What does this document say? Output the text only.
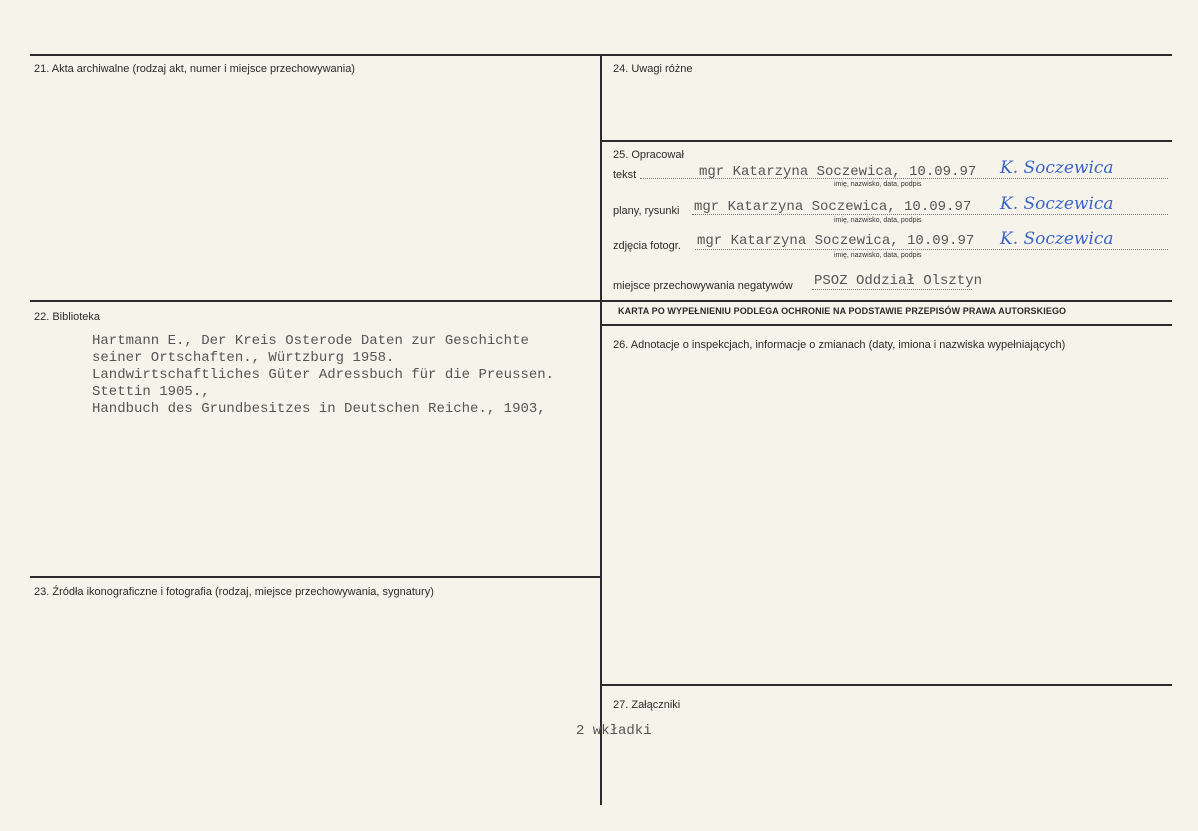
21. Akta archiwalne (rodzaj akt, numer i miejsce przechowywania)
22. Biblioteka
Hartmann E., Der Kreis Osterode Daten zur Geschichte
seiner Ortschaften., Würtzburg 1958.
Landwirtschaftliches Güter Adressbuch für die Preussen.
Stettin 1905.,
Handbuch des Grundbesitzes in Deutschen Reiche., 1903,
23. Źródła ikonograficzne i fotografia (rodzaj, miejsce przechowywania, sygnatury)
24. Uwagi różne
25. Opracował
tekst	mgr Katarzyna Soczewica, 10.09.97
imię, nazwisko, data, podpis
K. Soczewica
plany, rysunki mgr Katarzyna Soczewica, 10.09.97
imię, nazwisko, data, podpis
K. Soczewica
zdjęcia fotogr. mgr Katarzyna Soczewica, 10.09.97
imię, nazwisko, data, podpis
K. Soczewica
miejsce przechowywania negatywów PSOZ Oddział Olsztyn
KARTA PO WYPEŁNIENIU PODLEGA OCHRONIE NA PODSTAWIE PRZEPISÓW PRAWA AUTORSKIEGO
26. Adnotacje o inspekcjach, informacje o zmianach (daty, imiona i nazwiska wypełniających)
27. Załączniki
2 wkładki
